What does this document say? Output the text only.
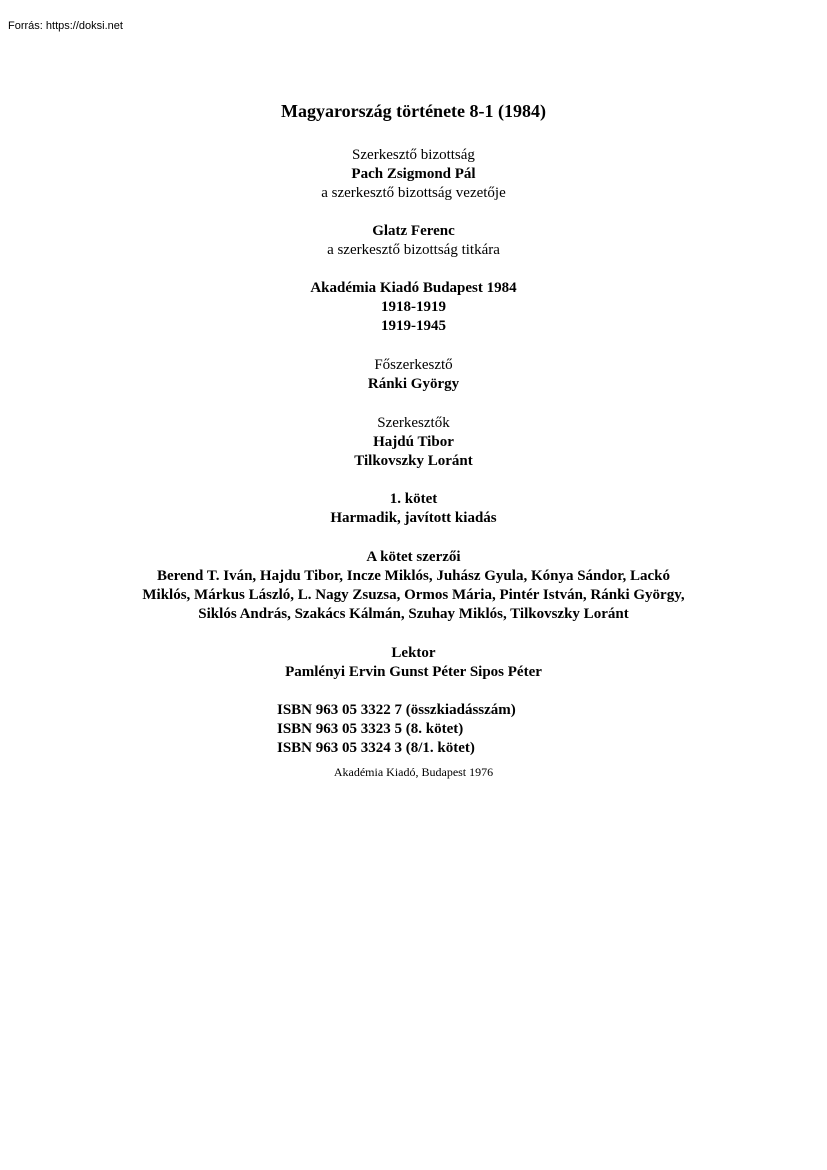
Forrás: https://doksi.net
Magyarország története 8-1 (1984)
Szerkesztő bizottság
Pach Zsigmond Pál
a szerkesztő bizottság vezetője
Glatz Ferenc
a szerkesztő bizottság titkára
Akadémia Kiadó Budapest 1984
1918-1919
1919-1945
Főszerkesztő
Ránki György
Szerkesztők
Hajdú Tibor
Tilkovszky Loránt
1. kötet
Harmadik, javított kiadás
A kötet szerzői
Berend T. Iván, Hajdu Tibor, Incze Miklós, Juhász Gyula, Kónya Sándor, Lackó
Miklós, Márkus László, L. Nagy Zsuzsa, Ormos Mária, Pintér István, Ránki György,
Siklós András, Szakács Kálmán, Szuhay Miklós, Tilkovszky Loránt
Lektor
Pamlényi Ervin Gunst Péter Sipos Péter
ISBN 963 05 3322 7 (összkiadásszám)
ISBN 963 05 3323 5 (8. kötet)
ISBN 963 05 3324 3 (8/1. kötet)
Akadémia Kiadó, Budapest 1976
